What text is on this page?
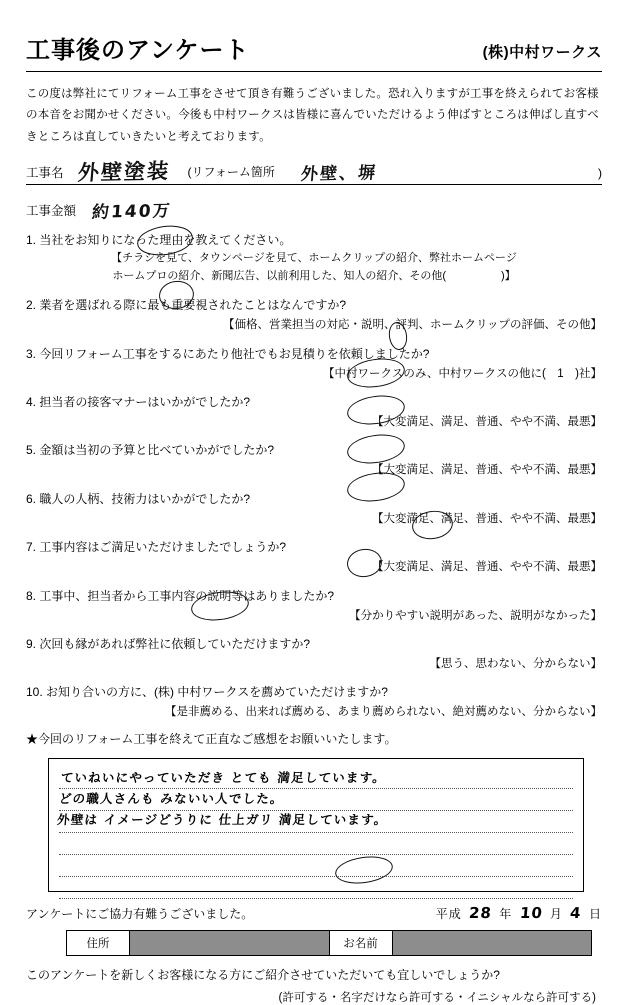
工事後のアンケート	(株)中村ワークス
この度は弊社にてリフォーム工事をさせて頂き有難うございました。恐れ入りますが工事を終えられてお客様の本音をお聞かせください。今後も中村ワークスは皆様に喜んでいただけるよう伸ばすところは伸ばし直すべきところは直していきたいと考えております。
工事名 外壁塗装 (リフォーム箇所 外壁、塀	)
工事金額 約140万
1. 当社をお知りになった理由を教えてください。
【チラシを見て、タウンページを見て、ホームクリップの紹介、弊社ホームページ
ホームプロの紹介、新聞広告、以前利用した、知人の紹介、その他(　　　　　)】
2. 業者を選ばれる際に最も重要視されたことはなんですか?
【価格、営業担当の対応・説明、評判、ホームクリップの評価、その他】
3. 今回リフォーム工事をするにあたり他社でもお見積りを依頼しましたか?
【中村ワークスのみ、中村ワークスの他に(　1　)社】
4. 担当者の接客マナーはいかがでしたか?
【大変満足、満足、普通、やや不満、最悪】
5. 金額は当初の予算と比べていかがでしたか?
【大変満足、満足、普通、やや不満、最悪】
6. 職人の人柄、技術力はいかがでしたか?
【大変満足、満足、普通、やや不満、最悪】
7. 工事内容はご満足いただけましたでしょうか?
【大変満足、満足、普通、やや不満、最悪】
8. 工事中、担当者から工事内容の説明等はありましたか?
【分かりやすい説明があった、説明がなかった】
9. 次回も縁があれば弊社に依頼していただけますか?
【思う、思わない、分からない】
10. お知り合いの方に、(株) 中村ワークスを薦めていただけますか?
【是非薦める、出来れば薦める、あまり薦められない、絶対薦めない、分からない】
★今回のリフォーム工事を終えて正直なご感想をお願いいたします。
ていねいにやっていただき とても 満足しています。
どの職人さんも みないい人でした。
外壁は イメージどうりに 仕上ガリ 満足しています。
アンケートにご協力有難うございました。	平成 28 年 10 月 4 日
住所	お名前
このアンケートを新しくお客様になる方にご紹介させていただいても宜しいでしょうか?
(許可する・名字だけなら許可する・イニシャルなら許可する)
